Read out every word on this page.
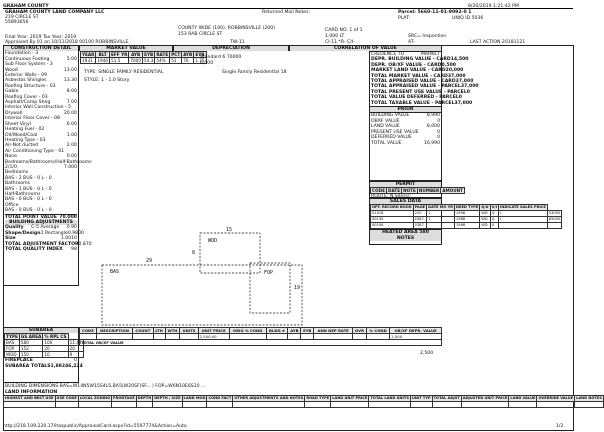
GRAHAM COUNTY	8/20/2019 1:21:42 PM
GRAHAM COUNTY LAND COMPANY LLC
219 CIRCLE ST
55893656
Returned Mail Notes:	Parcel: 5660-11-01-9092-0 1
PLAT:	UNIQ ID 5036
COUNTY WIDE (100), ROBBINSVILLE (200)	CARD NO. 1 of 1
153 RAB CIRCLE ST	1.000 LT	SRC= Inspection
Final Year: 2019 Tax Year: 2019
Appraised By 01 on 10/11/2018 00100 ROBBINSVILLE	TW-11	CI-11 *R- C/I-	AT-	LAST ACTION 20181121
CONSTRUCTION DETAIL
Foundation - 3
Continuous Footing	5.00
Sub Floor System - 3
Wood	13.00
Exterior Walls - 09
Asbestos Shingles	13.30
Roofing Structure - 03
Gable	8.00
Roofing Cover - 03
Asphalt/Comp Shng	7.00
Interior Wall Construction - 5
Drywall	20.00
Interior Floor Cover - 08
Sheet Vinyl	6.00
Heating Fuel - 02
Oil/Wood/Coal	1.00
Heating Type - 03
Air-Not ducted	2.00
Air Conditioning Type - 01
None	0.00
Bedrooms/Bathrooms/Half-Bathrooms
2/1/0	7.000
Bedrooms
BAS - 2 BUS - 0 L - 0
Bathrooms
BAS - 1 BUS - 0 L - 0
Half-Bathrooms
BAS - 0 BUS - 0 L - 0
Office
BAS - 0 BUS - 0 L - 0
TOTAL POINT VALUE 70.000
BUILDING ADJUSTMENTS
Quality C-5 Average 0.90
Shape/Design 1 Rectangle 0.9800
Size	1.0010
TOTAL ADJUSTMENT FACTOR 0.870
TOTAL QUALITY INDEX 98
MARKET VALUE	DEPRECIATION
YEAR	BLT	EFF YR	AYB	EYB	RATE	PCT	AYB	EYB
1931	1940	51.5	7000	54.3	54%	51	76	1.75
Standard 6 70000
6,000
TYPE: SINGLE FAMILY RESIDENTIAL	Single Family Residential 18
STYLE: 1 - 1.0 Story
CORRELATION OF VALUE
CREDENCE TO	MARKET
DEPR. BUILDING VALUE - CARD 14,500
DEPR. OB/XF VALUE - CARD 0,500
MARKET LAND VALUE - CARD 20,000
TOTAL MARKET VALUE - CARD 37,000
TOTAL APPRAISED VALUE - CARD 37,000
TOTAL APPRAISED VALUE - PARCEL 37,000
TOTAL PRESENT USE VALUE - PARCEL 0
TOTAL VALUE DEFERRED - PARCEL 0
TOTAL TAXABLE VALUE - PARCEL 37,000
PRIOR
BUILDING VALUE	8,990
OBXF VALUE	0
LAND VALUE	8,000
PRESENT USE VALUE	0
DEFERRED VALUE	0
TOTAL VALUE	16,990
PERMIT
CODE	DATE	NOTE	NUMBER	AMOUNT
ROUTE: N Site(s):
SALES DATA
OFF. RECORD BOOK	PAGE	DATE MO YR	DEED TYPE	Q/U	V/I	INDICATE SALES PRICE	
01018	220	1	1998	WD	Q	I	53000
00139	0387	1	1988	WD	Q	I	65000
00108	0387		1986	WD	U		
HEATED AREA 580
NOTES
WOD
BAS	FOP
15
8
19
29
SUBAREA
TYPE	GS AREA	% RPL CS	
BAS	580	100	11.44
FOP	152	20	20
WOD	150	10	9
FIREPLACE	0
SUBAREA TOTALS 1,882 46,224
CODE	DESCRIPTION	COUNT	LTH	WTH	UNITS	UNIT PRICE	ORIG % COND	BLDG #	AYB	EYB	ANN DEP RATE	OVR	% COND	OB/XF DEPR. VALUE
						2,500.00								2,500
TOTAL OB/XF VALUE														
2,500
BUILDING DIMENSIONS BAS=W14N5W15S4L5,BA5(W20SF(SF... ) FOP=W6N10E6S10 ...
LAND INFORMATION
HIGHEST AND BEST USE	USE CODE	LOCAL ZONING	FRONTAGE	DEPTH	DEPTH / SIZE	LAND MOD	COND FACT	OTHER ADJUSTMENTS AND NOTES	ROAD TYPE	LAND UNIT PRICE	TOTAL LAND UNITS	UNIT TYP	TOTAL ADJST	ADJUSTED UNIT PRICE	LAND VALUE	OVERRIDE VALUE	LAND NOTES

http://218.109.220.17/itaspublic/AppraisalCard.aspx?id=5597774&Action=Auto	1/2
